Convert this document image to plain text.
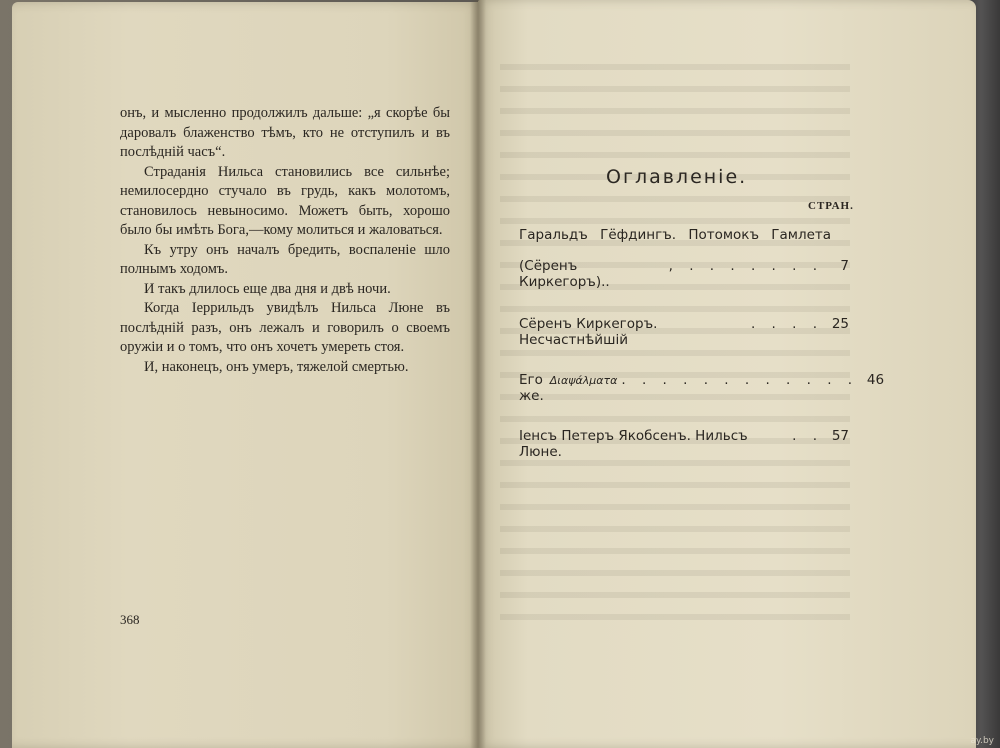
онъ, и мысленно продолжилъ дальше: „я скорѣе бы даровалъ блаженство тѣмъ, кто не отступилъ и въ послѣдній часъ“.

Страданія Нильса становились все сильнѣе; немилосердно стучало въ грудь, какъ молотомъ, становилось невыносимо. Можетъ быть, хорошо было бы имѣть Бога,—кому молиться и жаловаться.

Къ утру онъ началъ бредить, воспаленіе шло полнымъ ходомъ.

И такъ длилось еще два дня и двѣ ночи.

Когда Іеррильдъ увидѣлъ Нильса Люне въ послѣдній разъ, онъ лежалъ и говорилъ о своемъ оружіи и о томъ, что онъ хочетъ умереть стоя.

И, наконецъ, онъ умеръ, тяжелой смертью.

368
Оглавленіе.
СТРАН.
Гаральдъ Гёфдингъ. Потомокъ Гамлета
(Сёренъ Киркегоръ)..
, . . . . . . .	7
Сёренъ Киркегоръ. Несчастнѣйшій
. . . . 25
Его же.
Διαψάλματα . . . . . . . . . . . . 46
Іенсъ Петеръ Якобсенъ. Нильсъ Люне.
. . 57
ay.by
